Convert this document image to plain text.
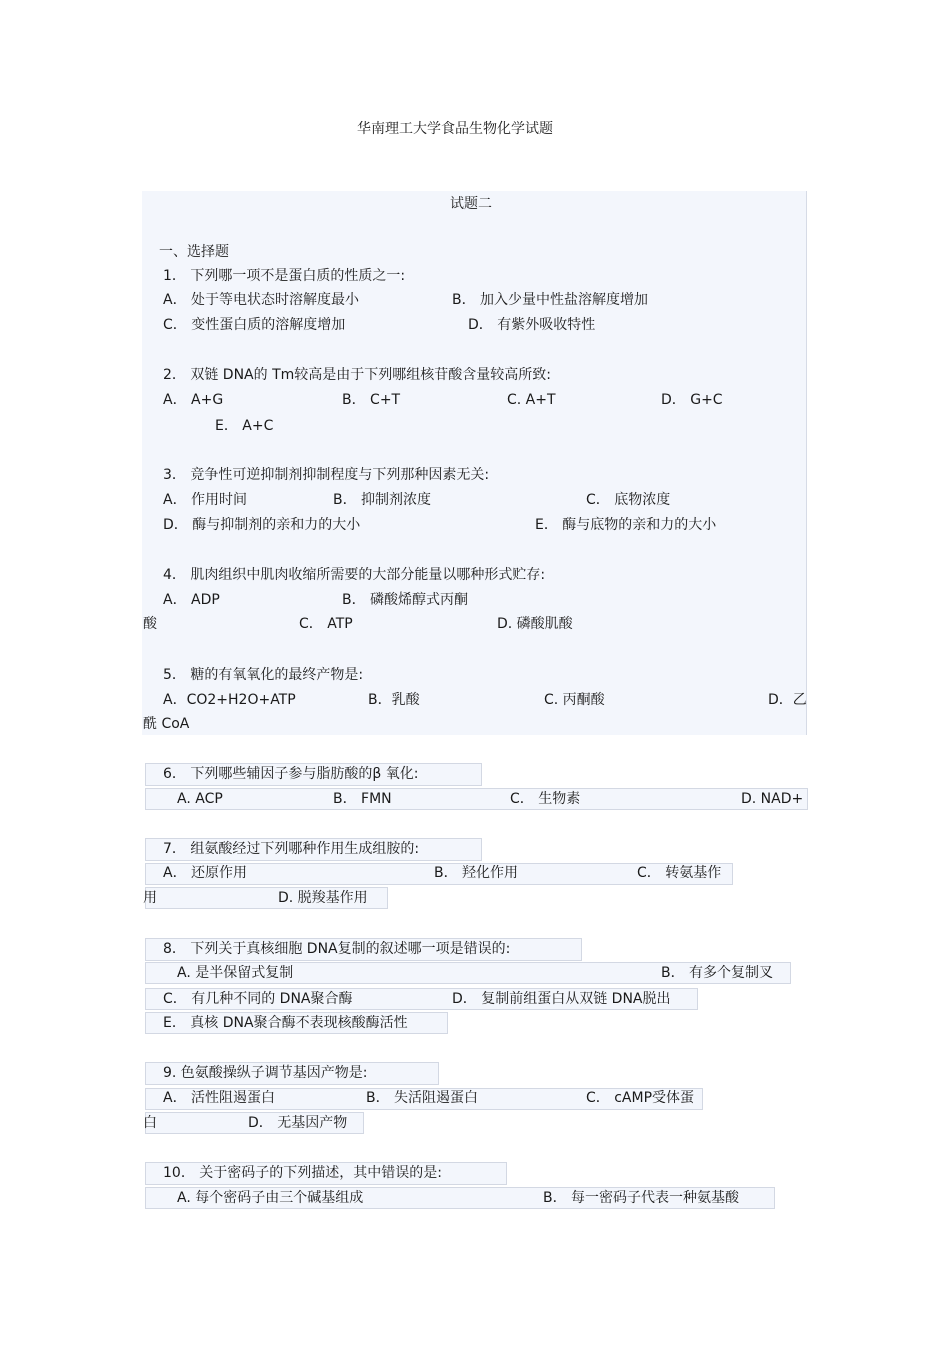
华南理工大学食品生物化学试题
试题二
一、选择题
1． 下列哪一项不是蛋白质的性质之一:
A． 处于等电状态时溶解度最小	B． 加入少量中性盐溶解度增加
C． 变性蛋白质的溶解度增加	D． 有紫外吸收特性
2． 双链 DNA的 Tm较高是由于下列哪组核苷酸含量较高所致:
A． A+G	B． C+T	C. A+T	D． G+C
E． A+C
3． 竞争性可逆抑制剂抑制程度与下列那种因素无关:
A． 作用时间	B． 抑制剂浓度	C． 底物浓度
D． 酶与抑制剂的亲和力的大小	E． 酶与底物的亲和力的大小
4． 肌肉组织中肌肉收缩所需要的大部分能量以哪种形式贮存:
A． ADP	B． 磷酸烯醇式丙酮
酸	C． ATP	D. 磷酸肌酸
5． 糖的有氧氧化的最终产物是:
A．CO2+H2O+ATP	B．乳酸	C. 丙酮酸	D．乙
酰 CoA
6． 下列哪些辅因子参与脂肪酸的β 氧化:
A. ACP	B． FMN	C． 生物素	D. NAD+
7． 组氨酸经过下列哪种作用生成组胺的:
A． 还原作用	B． 羟化作用	C． 转氨基作
用	D. 脱羧基作用
8． 下列关于真核细胞 DNA复制的叙述哪一项是错误的:
A. 是半保留式复制	B． 有多个复制叉
C． 有几种不同的 DNA聚合酶	D． 复制前组蛋白从双链 DNA脱出
E． 真核 DNA聚合酶不表现核酸酶活性
9. 色氨酸操纵子调节基因产物是:
A． 活性阻遏蛋白	B． 失活阻遏蛋白	C． cAMP受体蛋
白	D． 无基因产物
10． 关于密码子的下列描述，其中错误的是:
A. 每个密码子由三个碱基组成	B． 每一密码子代表一种氨基酸
